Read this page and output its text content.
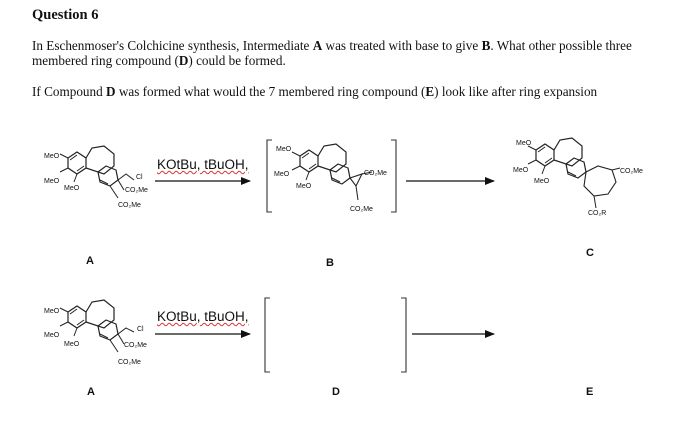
Question 6
In Eschenmoser's Colchicine synthesis, Intermediate A was treated with base to give B. What other possible three membered ring compound (D) could be formed.
If Compound D was formed what would the 7 membered ring compound (E) look like after ring expansion
KOtBu, tBuOH,
KOtBu, tBuOH,
A	B
C
A	D	E
MeO
MeO
MeO
Cl
CO₂Me
CO₂Me
MeO
MeO
MeO
CO₂Me
CO₂Me
MeO
MeO
MeO
CO₂Me
CO₂R
MeO
MeO
MeO
Cl
CO₂Me
CO₂Me
